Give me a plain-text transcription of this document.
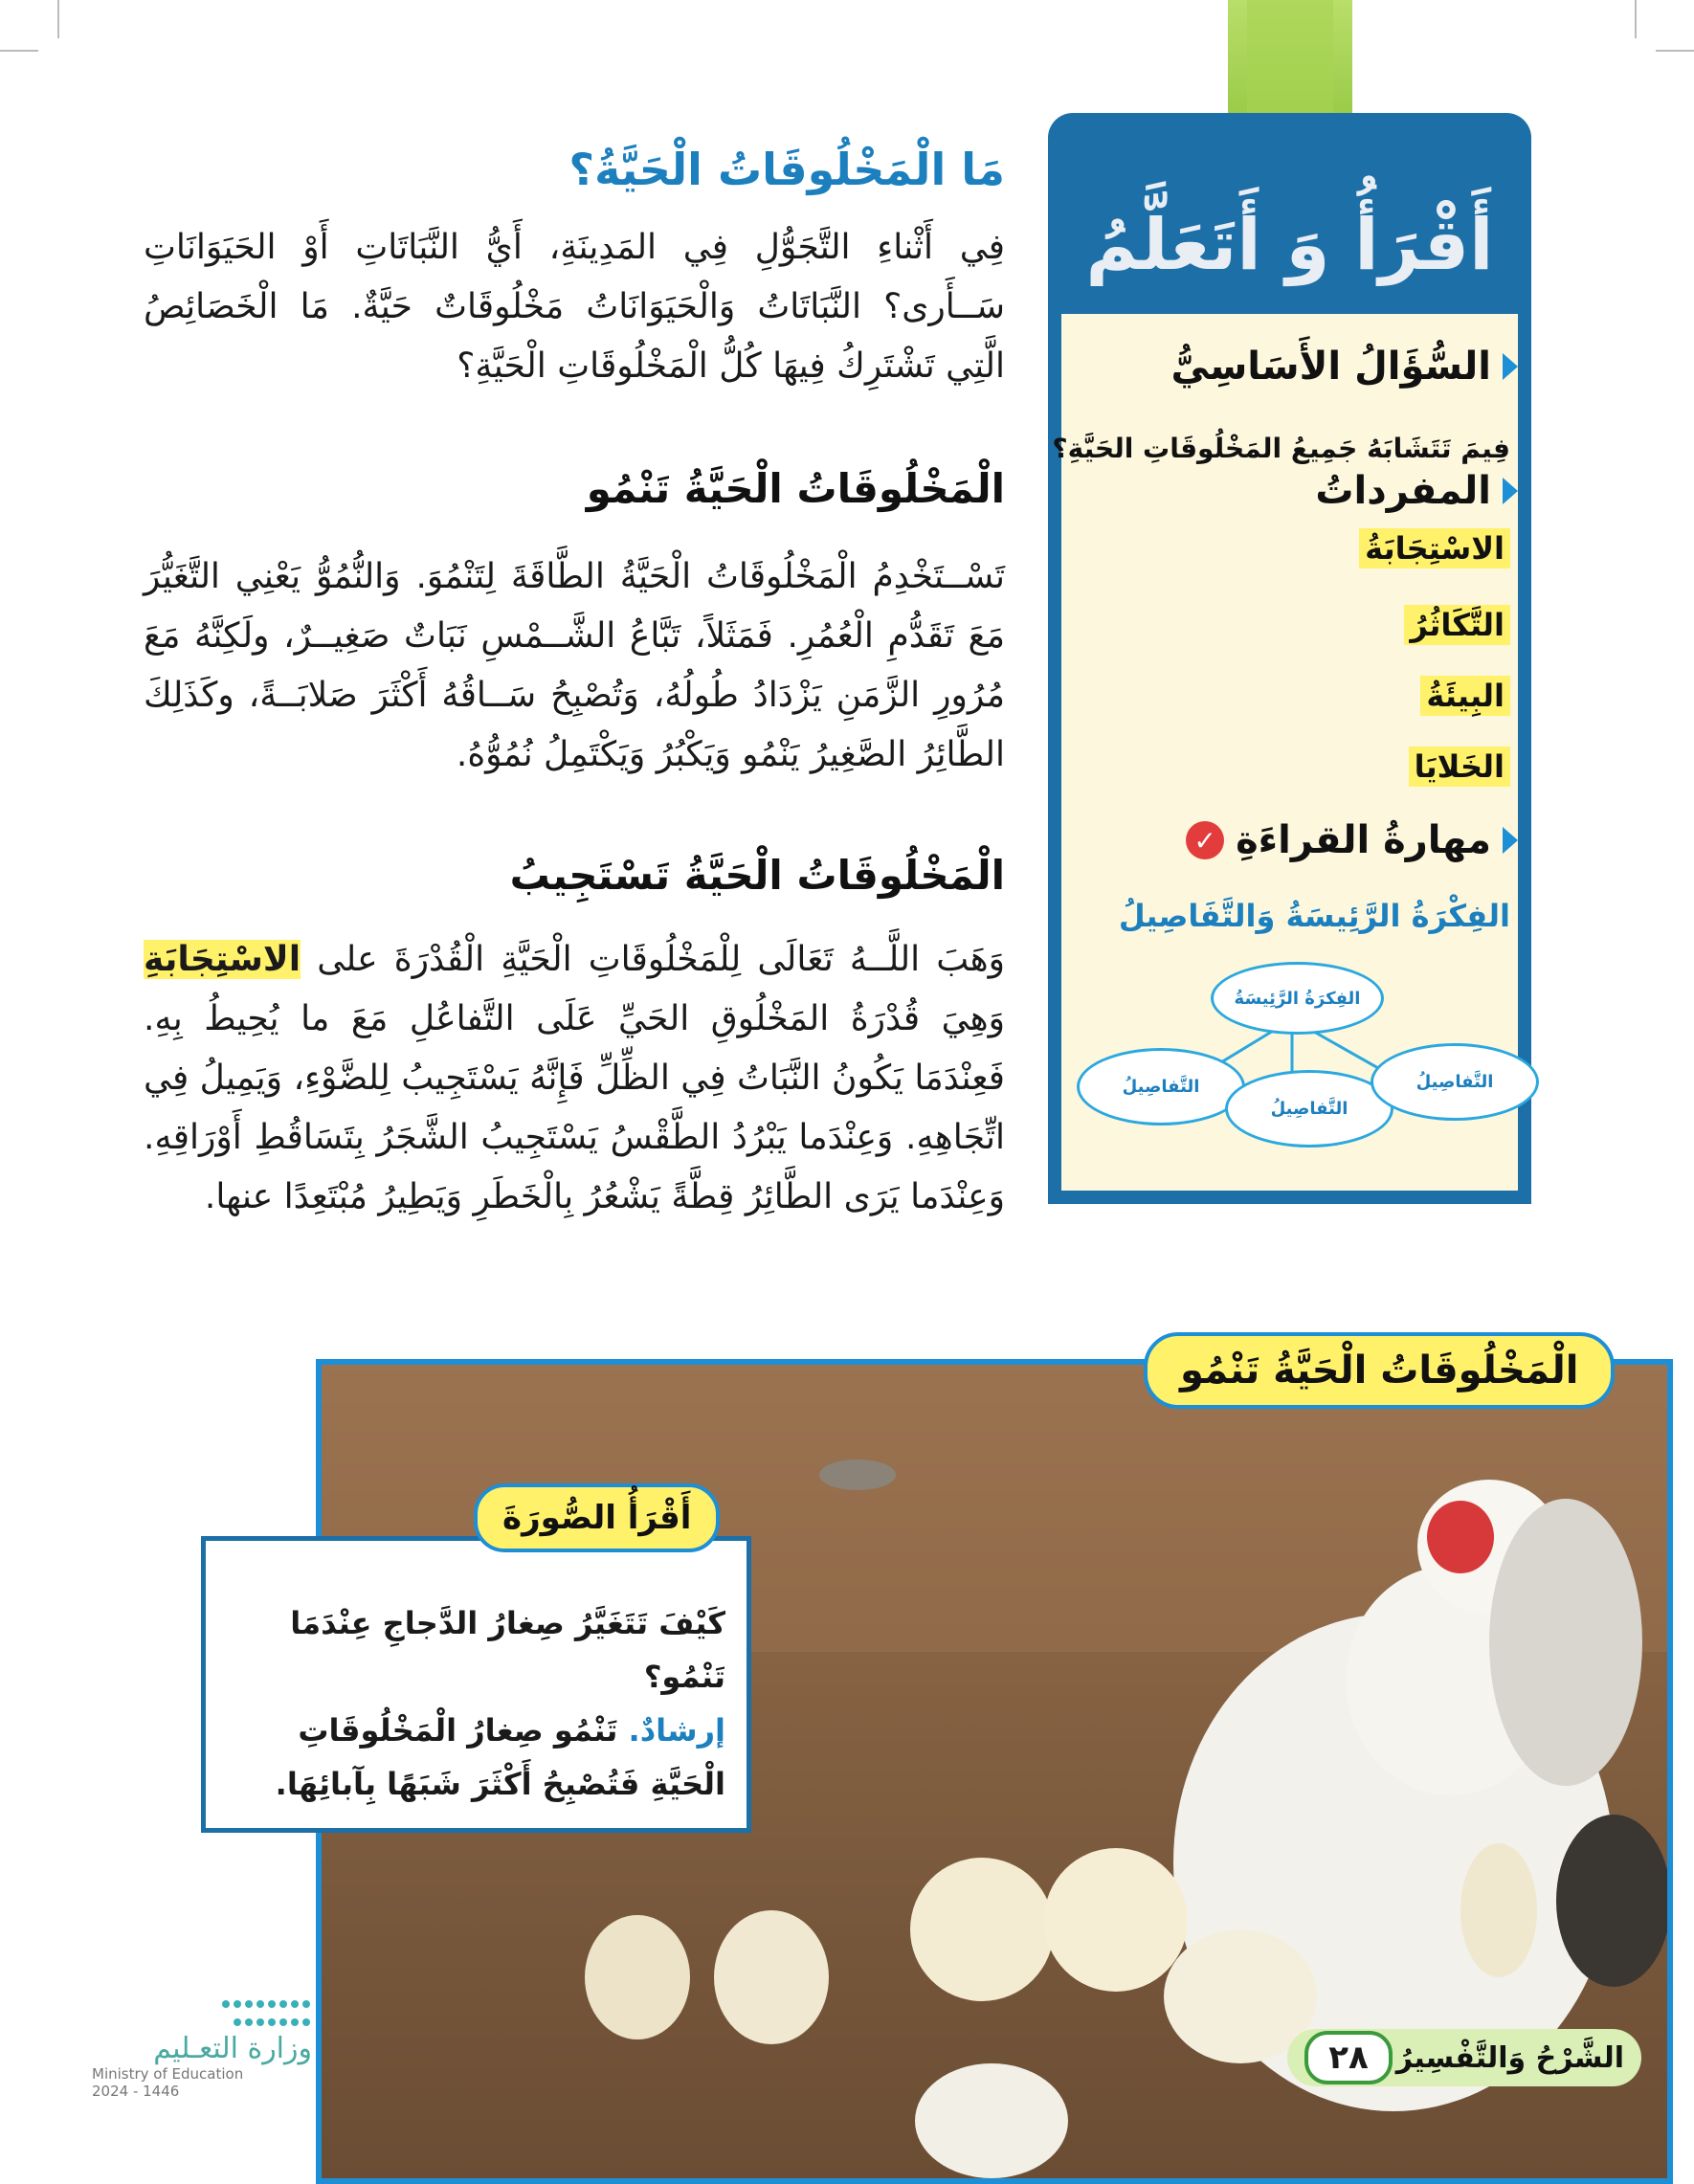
أَقْرَأُ وَ أَتَعَلَّمُ
السُّؤَالُ الأَسَاسِيُّ
فِيمَ تَتَشَابَهُ جَمِيعُ المَخْلُوقَاتِ الحَيَّةِ؟
المفرداتُ
الاسْتِجَابَةُ
التَّكَاثُرُ
البِيئَةُ
الخَلايَا
مهارةُ القراءَةِ
✓
الفِكْرَةُ الرَّئِيسَةُ وَالتَّفَاصِيلُ
الفِكرَةُ الرَّئِيسَةُ
التَّفاصِيلُ
التَّفاصِيلُ
التَّفاصِيلُ
مَا الْمَخْلُوقَاتُ الْحَيَّةُ؟
فِي أَثْناءِ التَّجَوُّلِ فِي المَدِينَةِ، أَيُّ النَّبَاتَاتِ أَوْ الحَيَوَانَاتِ سَــأَرى؟ النَّبَاتَاتُ وَالْحَيَوَانَاتُ مَخْلُوقَاتٌ حَيَّةٌ. مَا الْخَصَائِصُ الَّتِي تَشْتَرِكُ فِيهَا كُلُّ الْمَخْلُوقَاتِ الْحَيَّةِ؟
الْمَخْلُوقَاتُ الْحَيَّةُ تَنْمُو
تَسْــتَخْدِمُ الْمَخْلُوقَاتُ الْحَيَّةُ الطَّاقَةَ لِتَنْمُوَ. وَالنُّمُوُّ يَعْنِي التَّغَيُّرَ مَعَ تَقَدُّمِ الْعُمُرِ. فَمَثَلاً، تَبَّاعُ الشَّــمْسِ نَبَاتٌ صَغِيــرٌ، ولَكِنَّهُ مَعَ مُرُورِ الزَّمَنِ يَزْدَادُ طُولُهُ، وَتُصْبِحُ سَــاقُهُ أَكْثَرَ صَلابَــةً، وكَذَلِكَ الطَّائِرُ الصَّغِيرُ يَنْمُو وَيَكْبُرُ وَيَكْتَمِلُ نُمُوُّهُ.
الْمَخْلُوقَاتُ الْحَيَّةُ تَسْتَجِيبُ
وَهَبَ اللَّــهُ تَعَالَى لِلْمَخْلُوقَاتِ الْحَيَّةِ الْقُدْرَةَ على الاسْتِجَابَةِ وَهِيَ قُدْرَةُ المَخْلُوقِ الحَيِّ عَلَى التَّفاعُلِ مَعَ ما يُحِيطُ بِهِ. فَعِنْدَمَا يَكُونُ النَّبَاتُ فِي الظِّلِّ فَإِنَّهُ يَسْتَجِيبُ لِلضَّوْءِ، وَيَمِيلُ فِي اتِّجَاهِهِ. وَعِنْدَما يَبْرُدُ الطَّقْسُ يَسْتَجِيبُ الشَّجَرُ بِتَسَاقُطِ أَوْرَاقِهِ. وَعِنْدَما يَرَى الطَّائِرُ قِطَّةً يَشْعُرُ بِالْخَطَرِ وَيَطِيرُ مُبْتَعِدًا عنها.
الْمَخْلُوقَاتُ الْحَيَّةُ تَنْمُو
كَيْفَ تَتَغَيَّرُ صِغارُ الدَّجاجِ عِنْدَمَا تَنْمُو؟
إرشادٌ. تَنْمُو صِغارُ الْمَخْلُوقَاتِ الْحَيَّةِ فَتُصْبِحُ أَكْثَرَ شَبَهًا بِآبائِهَا.
أَقْرَأُ الصُّورَةَ
الشَّرْحُ وَالتَّفْسِيرُ
٢٨

وزارة التعـليم
Ministry of Education
2024 - 1446
